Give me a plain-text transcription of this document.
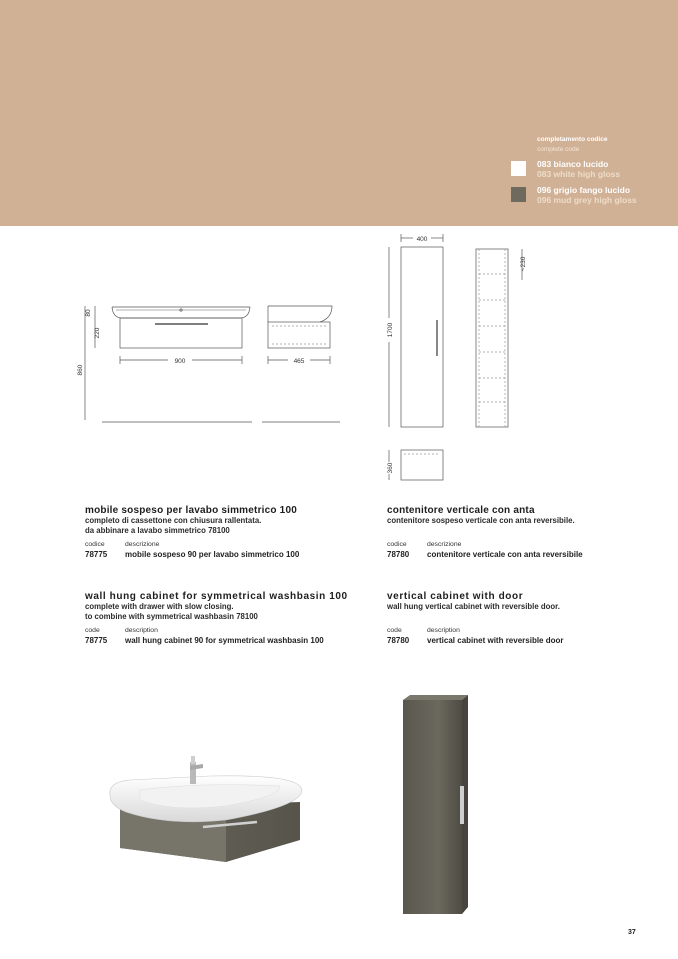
completamento codice
complete code
083 bianco lucido
083 white high gloss
096 grigio fango lucido
096 mud grey high gloss
80
220
860
900	465
400
1700
~230
360
mobile sospeso per lavabo simmetrico 100
completo di cassettone con chiusura rallentata.
da abbinare a lavabo simmetrico 78100
codice	descrizione
78775 mobile sospeso 90 per lavabo simmetrico 100
contenitore verticale con anta
contenitore sospeso verticale con anta reversibile.
codice	descrizione
78780 contenitore verticale con anta reversibile
wall hung cabinet for symmetrical washbasin 100
complete with drawer with slow closing.
to combine with symmetrical washbasin 78100
code	description
78775 wall hung cabinet 90 for symmetrical washbasin 100
vertical cabinet with door
wall hung vertical cabinet with reversible door.
code	description
78780 vertical cabinet with reversible door
37
